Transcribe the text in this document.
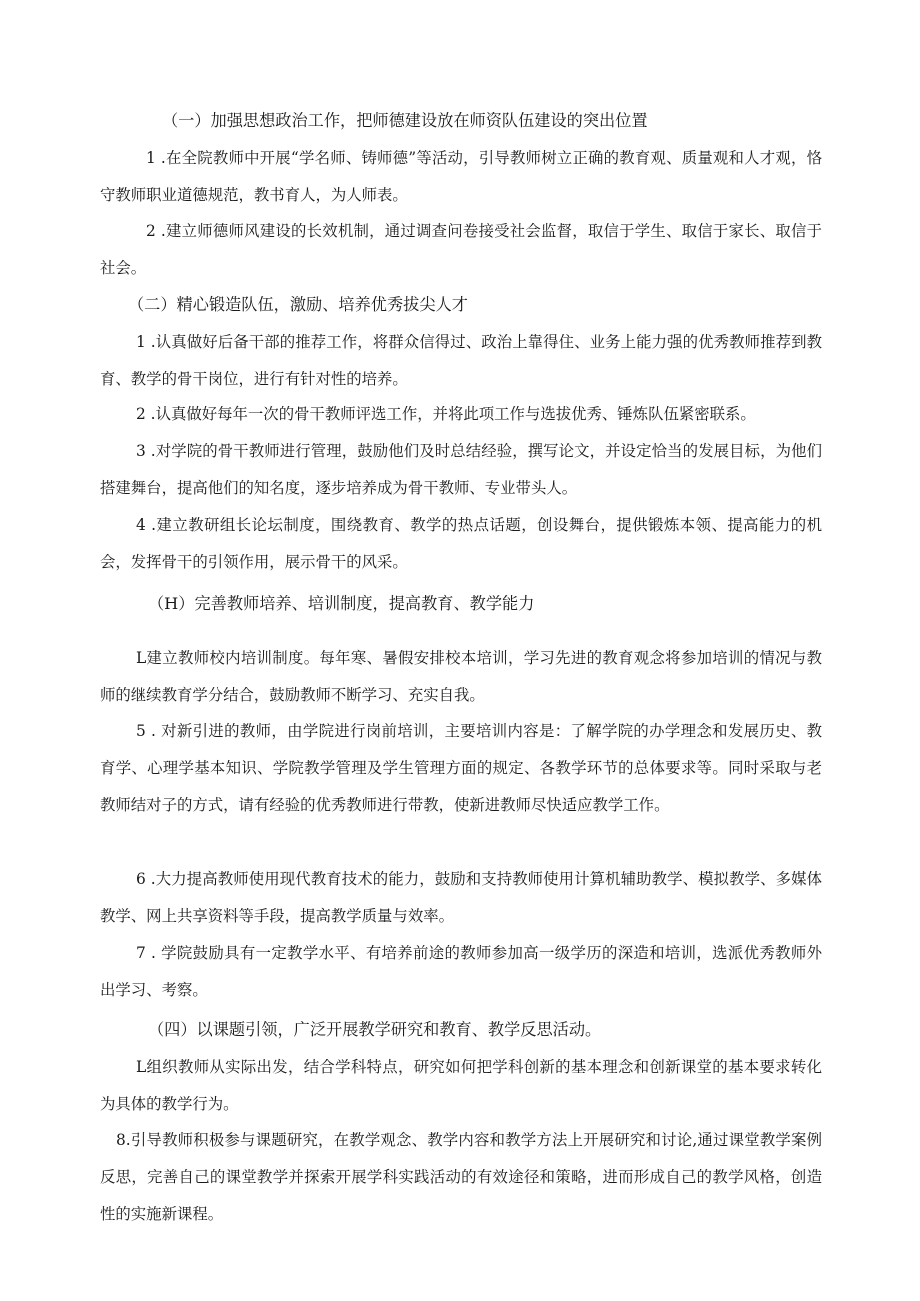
（一）加强思想政治工作，把师德建设放在师资队伍建设的突出位置

1 .在全院教师中开展“学名师、铸师德”等活动，引导教师树立正确的教育观、质量观和人才观，恪守教师职业道德规范，教书育人，为人师表。

2 .建立师德师风建设的长效机制，通过调查问卷接受社会监督，取信于学生、取信于家长、取信于社会。

（二）精心锻造队伍，激励、培养优秀拔尖人才

1 .认真做好后备干部的推荐工作，将群众信得过、政治上靠得住、业务上能力强的优秀教师推荐到教育、教学的骨干岗位，进行有针对性的培养。

2 .认真做好每年一次的骨干教师评选工作，并将此项工作与选拔优秀、锤炼队伍紧密联系。

3 .对学院的骨干教师进行管理，鼓励他们及时总结经验，撰写论文，并设定恰当的发展目标，为他们搭建舞台，提高他们的知名度，逐步培养成为骨干教师、专业带头人。

4 .建立教研组长论坛制度，围绕教育、教学的热点话题，创设舞台，提供锻炼本领、提高能力的机会，发挥骨干的引领作用，展示骨干的风采。

（H）完善教师培养、培训制度，提高教育、教学能力

L建立教师校内培训制度。每年寒、暑假安排校本培训，学习先进的教育观念将参加培训的情况与教师的继续教育学分结合，鼓励教师不断学习、充实自我。

5 . 对新引进的教师，由学院进行岗前培训，主要培训内容是：了解学院的办学理念和发展历史、教育学、心理学基本知识、学院教学管理及学生管理方面的规定、各教学环节的总体要求等。同时采取与老教师结对子的方式，请有经验的优秀教师进行带教，使新进教师尽快适应教学工作。

6 .大力提高教师使用现代教育技术的能力，鼓励和支持教师使用计算机辅助教学、模拟教学、多媒体教学、网上共享资料等手段，提高教学质量与效率。

7 . 学院鼓励具有一定教学水平、有培养前途的教师参加高一级学历的深造和培训，选派优秀教师外出学习、考察。

（四）以课题引领，广泛开展教学研究和教育、教学反思活动。

L组织教师从实际出发，结合学科特点，研究如何把学科创新的基本理念和创新课堂的基本要求转化为具体的教学行为。

8.引导教师积极参与课题研究，在教学观念、教学内容和教学方法上开展研究和讨论,通过课堂教学案例反思，完善自己的课堂教学并探索开展学科实践活动的有效途径和策略，进而形成自己的教学风格，创造性的实施新课程。
